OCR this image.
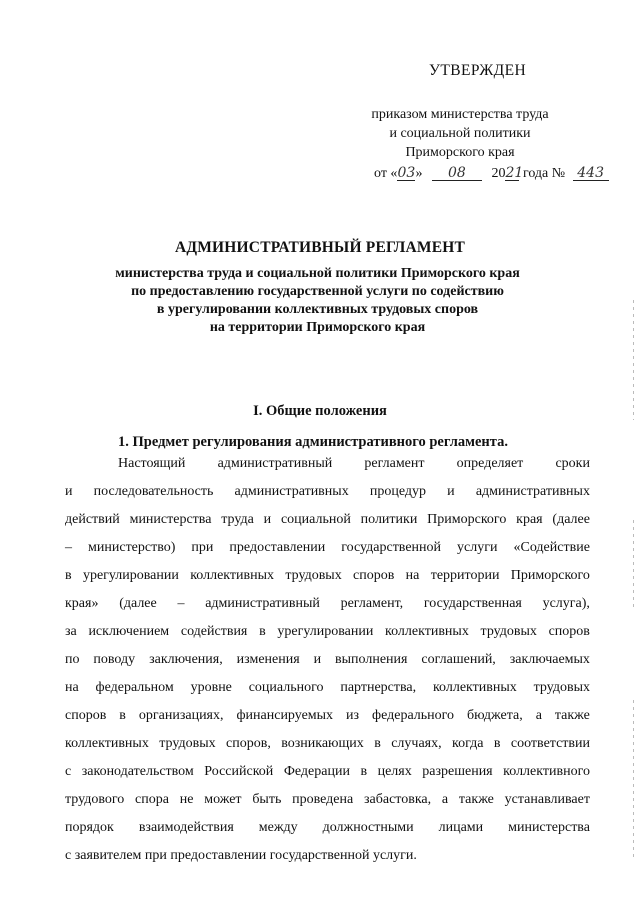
УТВЕРЖДЕН
приказом министерства труда
и социальной политики
Приморского края
от «03» 08 2021 года № 443
АДМИНИСТРАТИВНЫЙ РЕГЛАМЕНТ
министерства труда и социальной политики Приморского края
по предоставлению государственной услуги по содействию
в урегулировании коллективных трудовых споров
на территории Приморского края
I. Общие положения
1. Предмет регулирования административного регламента.
Настоящий административный регламент определяет сроки
и последовательность административных процедур и административных
действий министерства труда и социальной политики Приморского края (далее
– министерство) при предоставлении государственной услуги «Содействие
в урегулировании коллективных трудовых споров на территории Приморского
края» (далее – административный регламент, государственная услуга),
за исключением содействия в урегулировании коллективных трудовых споров
по поводу заключения, изменения и выполнения соглашений, заключаемых
на федеральном уровне социального партнерства, коллективных трудовых
споров в организациях, финансируемых из федерального бюджета, а также
коллективных трудовых споров, возникающих в случаях, когда в соответствии
с законодательством Российской Федерации в целях разрешения коллективного
трудового спора не может быть проведена забастовка, а также устанавливает
порядок взаимодействия между должностными лицами министерства
с заявителем при предоставлении государственной услуги.
